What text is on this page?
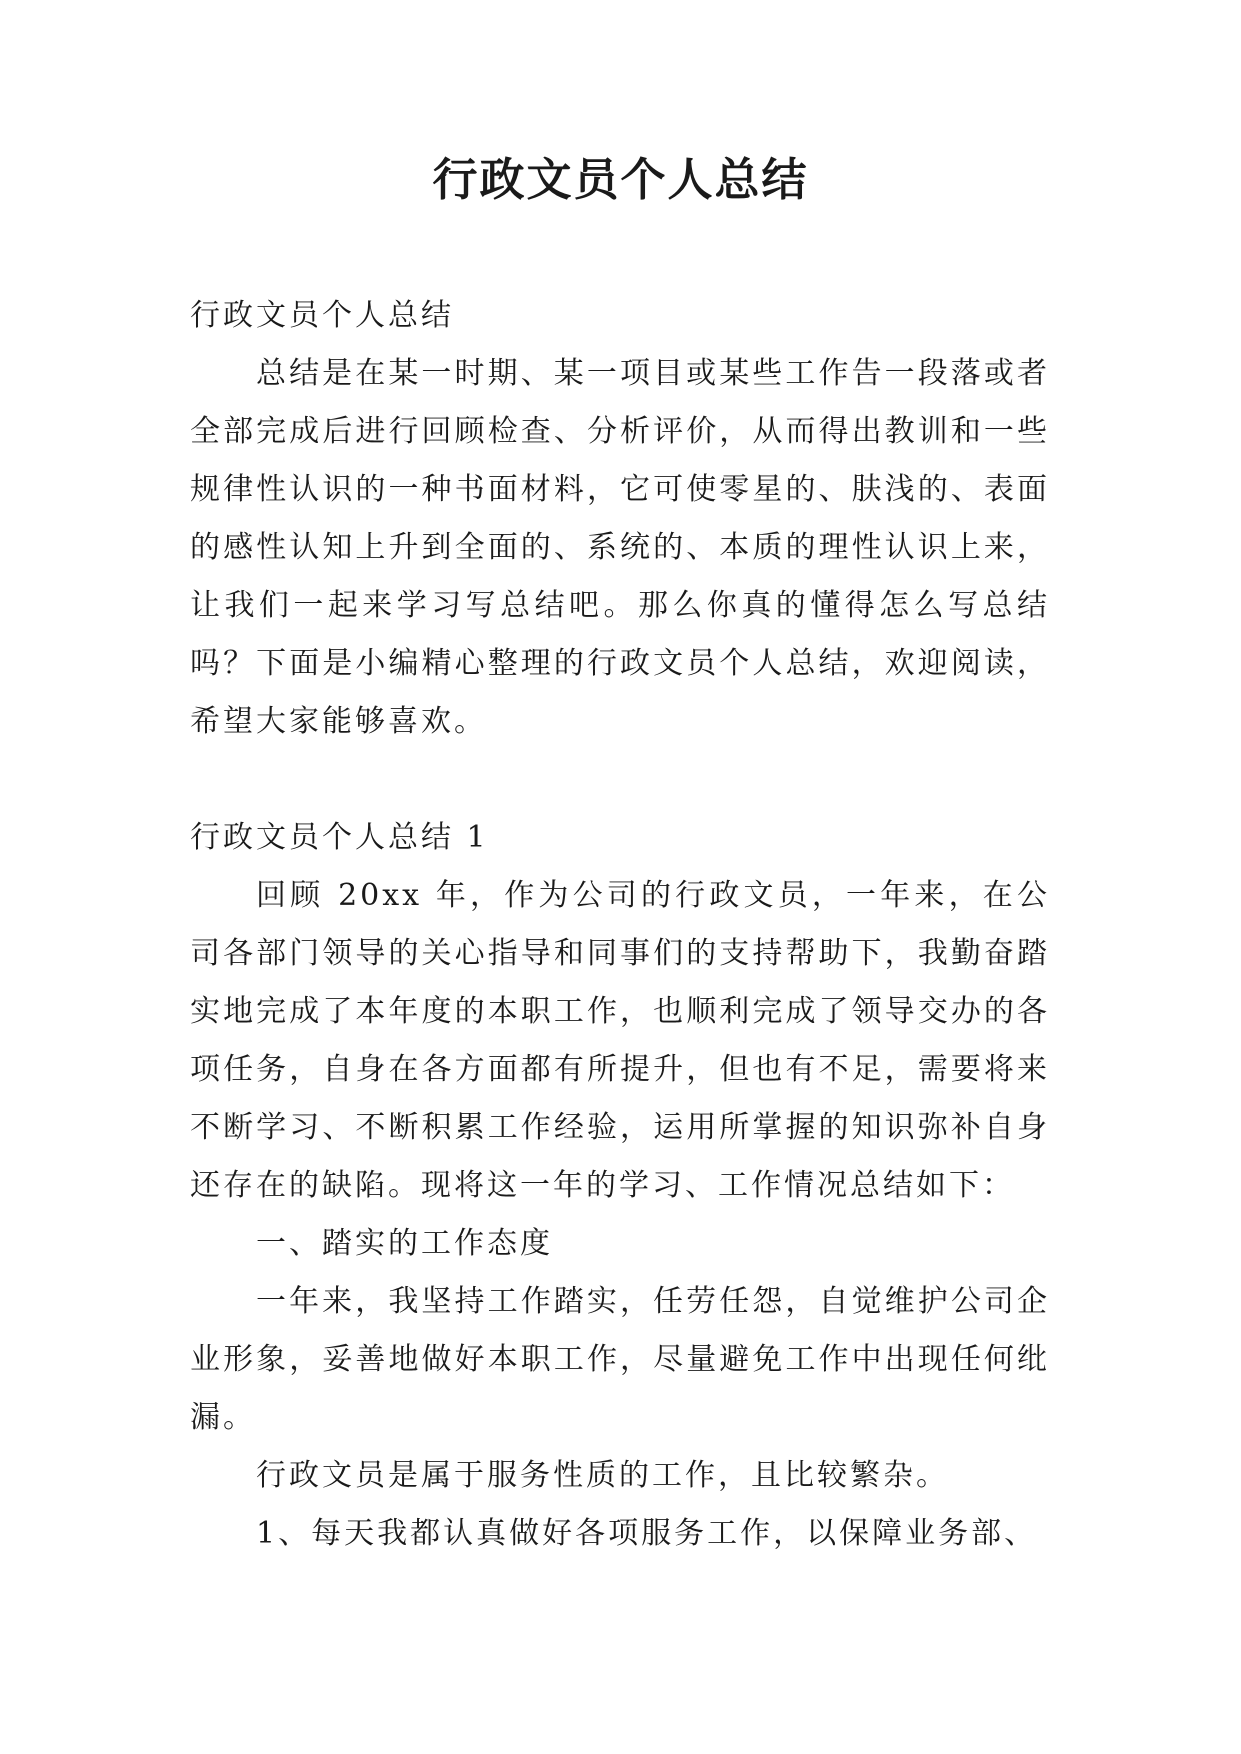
行政文员个人总结

行政文员个人总结

总结是在某一时期、某一项目或某些工作告一段落或者全部完成后进行回顾检查、分析评价，从而得出教训和一些规律性认识的一种书面材料，它可使零星的、肤浅的、表面的感性认知上升到全面的、系统的、本质的理性认识上来，让我们一起来学习写总结吧。那么你真的懂得怎么写总结吗？下面是小编精心整理的行政文员个人总结，欢迎阅读，希望大家能够喜欢。

行政文员个人总结 1

回顾 20xx 年，作为公司的行政文员，一年来，在公司各部门领导的关心指导和同事们的支持帮助下，我勤奋踏实地完成了本年度的本职工作，也顺利完成了领导交办的各项任务，自身在各方面都有所提升，但也有不足，需要将来不断学习、不断积累工作经验，运用所掌握的知识弥补自身还存在的缺陷。现将这一年的学习、工作情况总结如下：

一、踏实的工作态度

一年来，我坚持工作踏实，任劳任怨，自觉维护公司企业形象，妥善地做好本职工作，尽量避免工作中出现任何纰漏。

行政文员是属于服务性质的工作，且比较繁杂。

1、每天我都认真做好各项服务工作，以保障业务部、
